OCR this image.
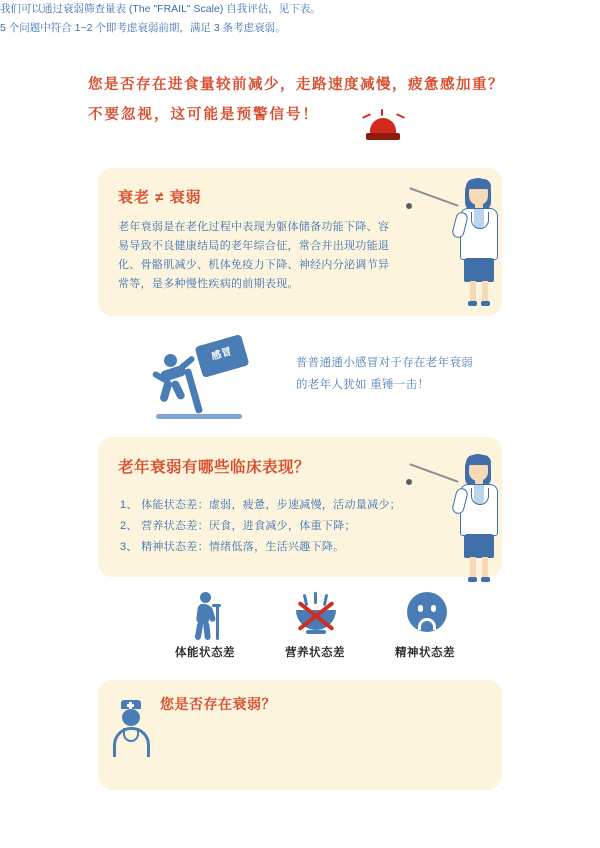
您是否存在进食量较前减少，走路速度减慢，疲惫感加重？
不要忽视，这可能是预警信号！
衰老 ≠ 衰弱
老年衰弱是在老化过程中表现为躯体储备功能下降、容易导致不良健康结局的老年综合征，常合并出现功能退化、骨骼肌减少、机体免疫力下降、神经内分泌调节异常等，是多种慢性疾病的前期表现。
感冒
普普通通小感冒对于存在老年衰弱
的老年人犹如 重锤一击！
老年衰弱有哪些临床表现？
1、 体能状态差：虚弱，疲惫，步速减慢，活动量减少；
2、 营养状态差：厌食，进食减少，体重下降；
3、 精神状态差：情绪低落，生活兴趣下降。
体能状态差	营养状态差	精神状态差
您是否存在衰弱？
我们可以通过衰弱筛查量表 (The "FRAIL" Scale) 自我评估，见下表。
5 个问题中符合 1~2 个即考虑衰弱前期，满足 3 条考虑衰弱。
